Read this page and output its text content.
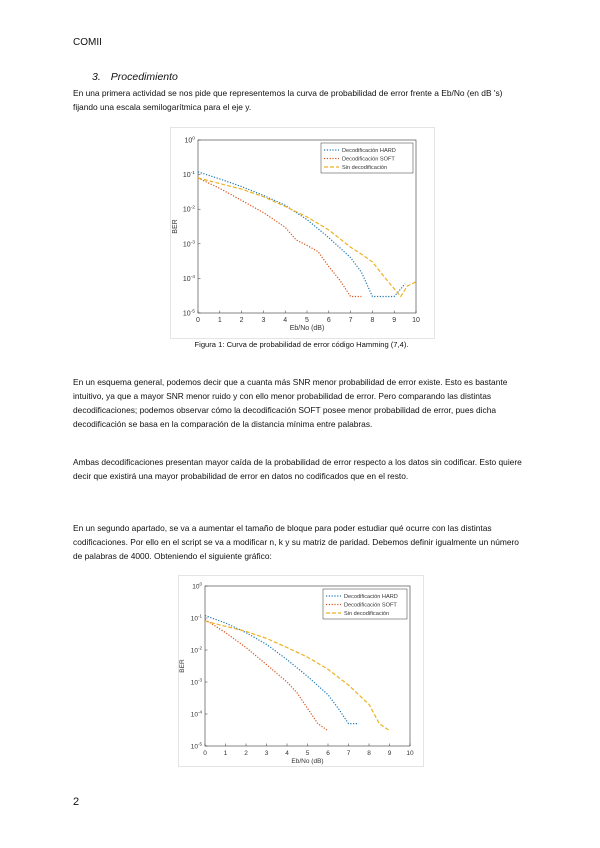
COMII
3. Procedimiento

En una primera actividad se nos pide que representemos la curva de probabilidad de error frente a Eb/No (en dB 's) fijando una escala semilogarítmica para el eje y.

0	1	2	3	4	5	6	7	8	9 10
$10^{-5}$
$10^{-4}$
$10^{-3}$
$10^{-2}$
$10^{-1}$
$10^0$
Eb/No (dB)
BER
Decodificación HARD
Decodificación SOFT
Sin decodificación
Figura 1: Curva de probabilidad de error código Hamming (7,4).

En un esquema general, podemos decir que a cuanta más SNR menor probabilidad de error existe. Esto es bastante intuitivo, ya que a mayor SNR menor ruido y con ello menor probabilidad de error. Pero comparando las distintas decodificaciones; podemos observar cómo la decodificación SOFT posee menor probabilidad de error, pues dicha decodificación se basa en la comparación de la distancia mínima entre palabras.

Ambas decodificaciones presentan mayor caída de la probabilidad de error respecto a los datos sin codificar. Esto quiere decir que existirá una mayor probabilidad de error en datos no codificados que en el resto.

En un segundo apartado, se va a aumentar el tamaño de bloque para poder estudiar qué ocurre con las distintas codificaciones. Por ello en el script se va a modificar n, k y su matriz de paridad. Debemos definir igualmente un número de palabras de 4000. Obteniendo el siguiente gráfico:

0	1	2	3	4	5	6	7	8	9 10
$10^{-5}$
$10^{-4}$
$10^{-3}$
$10^{-2}$
$10^{-1}$
$10^0$
Eb/No (dB)
BER
Decodificación HARD
Decodificación SOFT
Sin decodificación
2
